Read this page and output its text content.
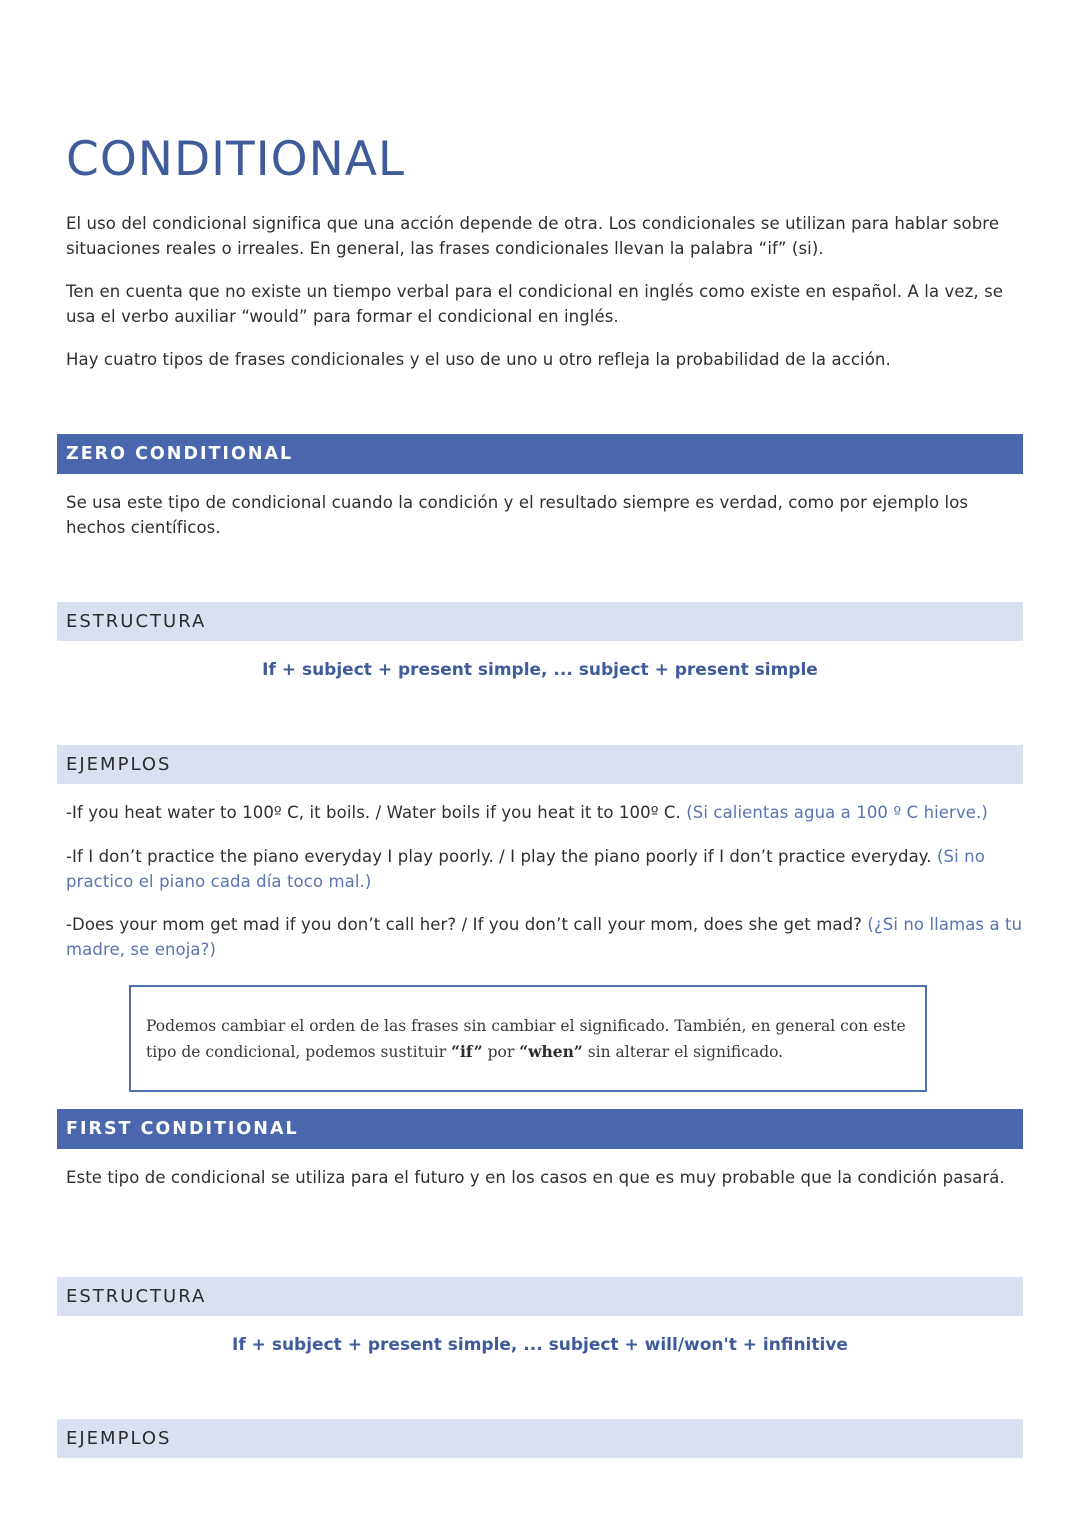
CONDITIONAL

El uso del condicional significa que una acción depende de otra. Los condicionales se utilizan para hablar sobre situaciones reales o irreales. En general, las frases condicionales llevan la palabra “if” (si).

Ten en cuenta que no existe un tiempo verbal para el condicional en inglés como existe en español. A la vez, se usa el verbo auxiliar “would” para formar el condicional en inglés.

Hay cuatro tipos de frases condicionales y el uso de uno u otro refleja la probabilidad de la acción.

ZERO CONDITIONAL

Se usa este tipo de condicional cuando la condición y el resultado siempre es verdad, como por ejemplo los hechos científicos.

ESTRUCTURA

If + subject + present simple, ... subject + present simple

EJEMPLOS

-If you heat water to 100º C, it boils. / Water boils if you heat it to 100º C. (Si calientas agua a 100 º C hierve.)

-If I don’t practice the piano everyday I play poorly. / I play the piano poorly if I don’t practice everyday. (Si no practico el piano cada día toco mal.)

-Does your mom get mad if you don’t call her? / If you don’t call your mom, does she get mad? (¿Si no llamas a tu madre, se enoja?)

Podemos cambiar el orden de las frases sin cambiar el significado. También, en general con este tipo de condicional, podemos sustituir “if” por “when” sin alterar el significado.
FIRST CONDITIONAL

Este tipo de condicional se utiliza para el futuro y en los casos en que es muy probable que la condición pasará.

ESTRUCTURA

If + subject + present simple, ... subject + will/won't + infinitive

EJEMPLOS
